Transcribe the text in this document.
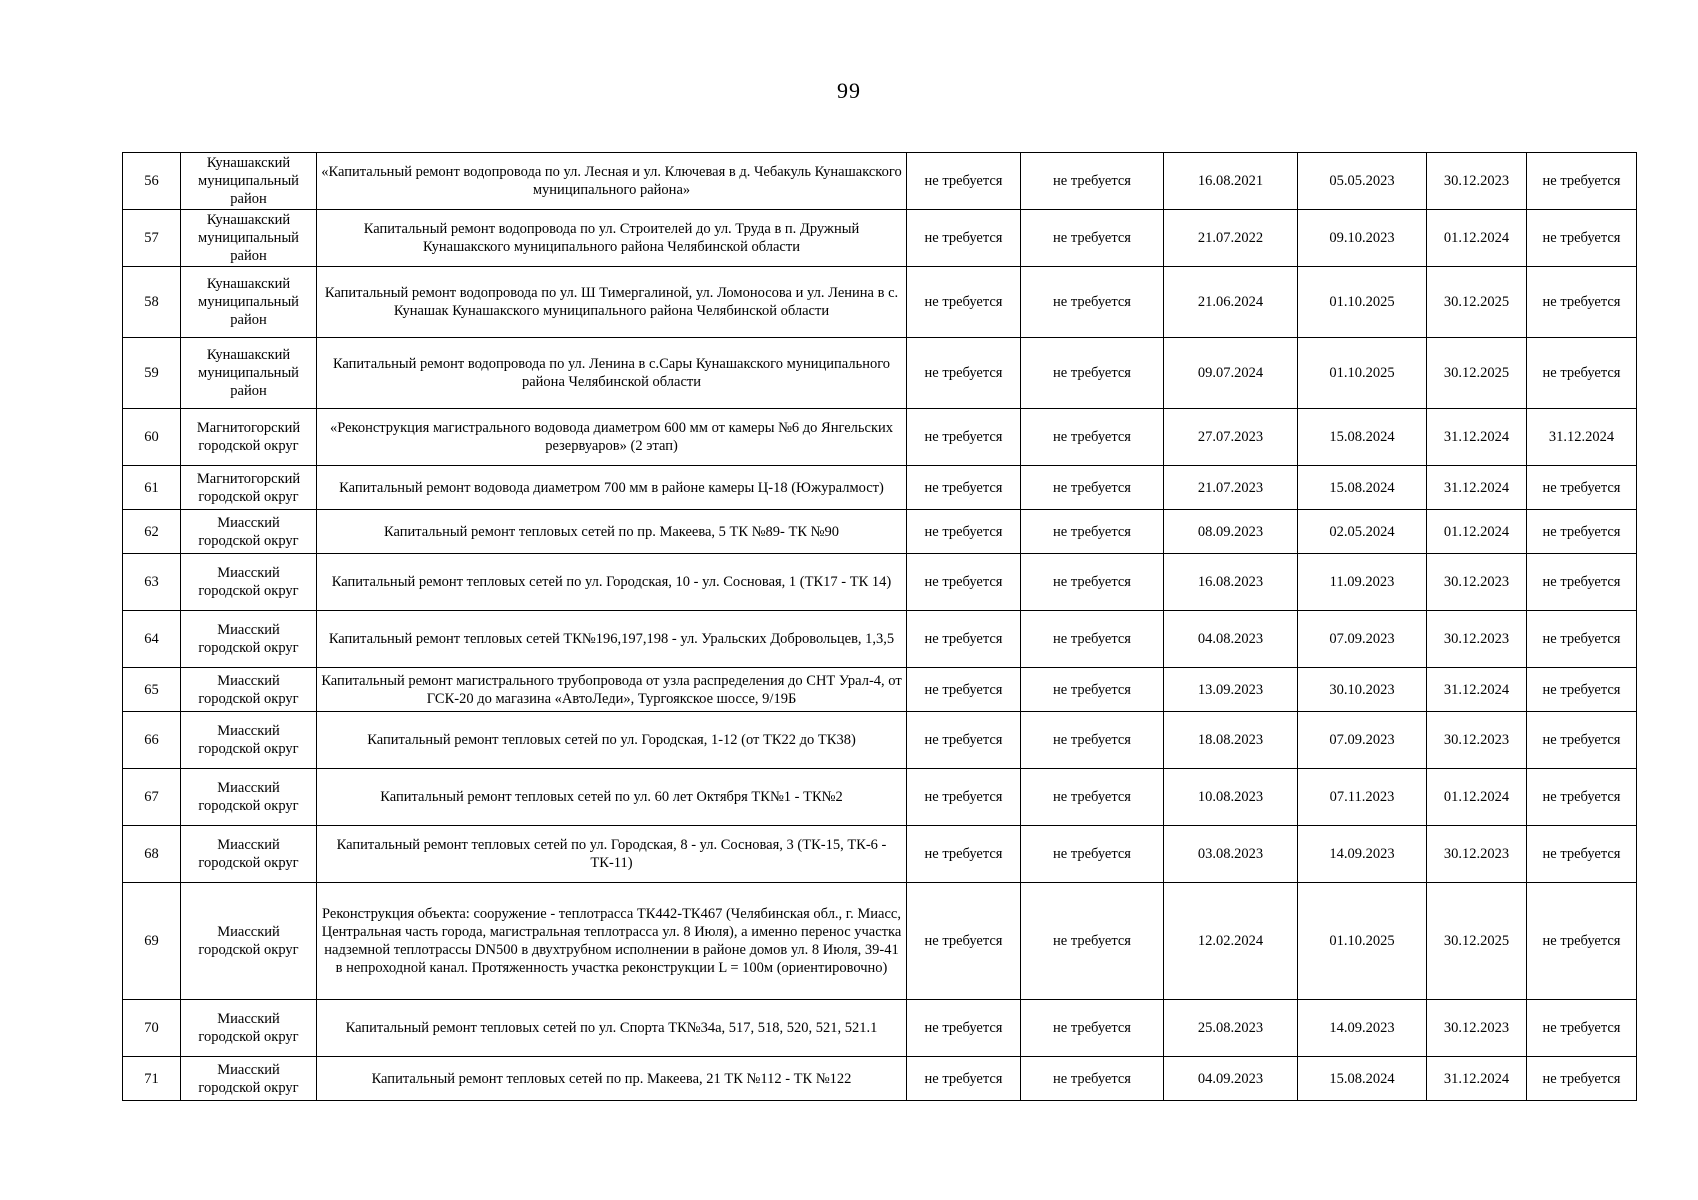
99
56	Кунашакский муниципальный район	«Капитальный ремонт водопровода по ул. Лесная и ул. Ключевая в д. Чебакуль Кунашакского муниципального района»	не требуется	не требуется	16.08.2021	05.05.2023	30.12.2023	не требуется
57	Кунашакский муниципальный район	Капитальный ремонт водопровода по ул. Строителей до ул. Труда в п. Дружный Кунашакского муниципального района Челябинской области	не требуется	не требуется	21.07.2022	09.10.2023	01.12.2024	не требуется
58	Кунашакский муниципальный район	Капитальный ремонт водопровода по ул. Ш Тимергалиной, ул. Ломоносова и ул. Ленина в с. Кунашак Кунашакского муниципального района Челябинской области	не требуется	не требуется	21.06.2024	01.10.2025	30.12.2025	не требуется
59	Кунашакский муниципальный район	Капитальный ремонт водопровода по ул. Ленина в с.Сары Кунашакского муниципального района Челябинской области	не требуется	не требуется	09.07.2024	01.10.2025	30.12.2025	не требуется
60	Магнитогорский городской округ	«Реконструкция магистрального водовода диаметром 600 мм от камеры №6 до Янгельских резервуаров» (2 этап)	не требуется	не требуется	27.07.2023	15.08.2024	31.12.2024	31.12.2024
61	Магнитогорский городской округ	Капитальный ремонт водовода диаметром 700 мм в районе камеры Ц-18 (Южуралмост)	не требуется	не требуется	21.07.2023	15.08.2024	31.12.2024	не требуется
62	Миасский городской округ	Капитальный ремонт тепловых сетей по пр. Макеева, 5 ТК №89- ТК №90	не требуется	не требуется	08.09.2023	02.05.2024	01.12.2024	не требуется
63	Миасский городской округ	Капитальный ремонт тепловых сетей по ул. Городская, 10 - ул. Сосновая, 1 (ТК17 - ТК 14)	не требуется	не требуется	16.08.2023	11.09.2023	30.12.2023	не требуется
64	Миасский городской округ	Капитальный ремонт тепловых сетей ТК№196,197,198 - ул. Уральских Добровольцев, 1,3,5	не требуется	не требуется	04.08.2023	07.09.2023	30.12.2023	не требуется
65	Миасский городской округ	Капитальный ремонт магистрального трубопровода от узла распределения до СНТ Урал-4, от ГСК-20 до магазина «АвтоЛеди», Тургоякское шоссе, 9/19Б	не требуется	не требуется	13.09.2023	30.10.2023	31.12.2024	не требуется
66	Миасский городской округ	Капитальный ремонт тепловых сетей по ул. Городская, 1-12 (от ТК22 до ТК38)	не требуется	не требуется	18.08.2023	07.09.2023	30.12.2023	не требуется
67	Миасский городской округ	Капитальный ремонт тепловых сетей по ул. 60 лет Октября ТК№1 - ТК№2	не требуется	не требуется	10.08.2023	07.11.2023	01.12.2024	не требуется
68	Миасский городской округ	Капитальный ремонт тепловых сетей по ул. Городская, 8 - ул. Сосновая, 3 (ТК-15, ТК-6 - ТК-11)	не требуется	не требуется	03.08.2023	14.09.2023	30.12.2023	не требуется
69	Миасский городской округ	Реконструкция объекта: сооружение - теплотрасса ТК442-ТК467 (Челябинская обл., г. Миасс, Центральная часть города, магистральная теплотрасса ул. 8 Июля), а именно перенос участка надземной теплотрассы DN500 в двухтрубном исполнении в районе домов ул. 8 Июля, 39-41 в непроходной канал. Протяженность участка реконструкции L = 100м (ориентировочно)	не требуется	не требуется	12.02.2024	01.10.2025	30.12.2025	не требуется
70	Миасский городской округ	Капитальный ремонт тепловых сетей по ул. Спорта ТК№34а, 517, 518, 520, 521, 521.1	не требуется	не требуется	25.08.2023	14.09.2023	30.12.2023	не требуется
71	Миасский городской округ	Капитальный ремонт тепловых сетей по пр. Макеева, 21 ТК №112 - ТК №122	не требуется	не требуется	04.09.2023	15.08.2024	31.12.2024	не требуется
